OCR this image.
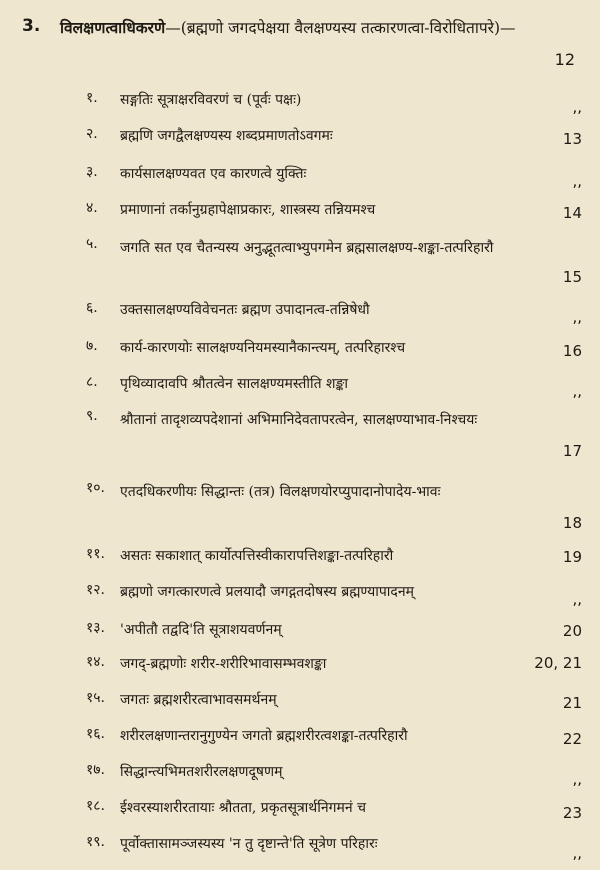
3. विलक्षणत्वाधिकरणे—(ब्रह्मणो जगदपेक्षया वैलक्षण्यस्य तत्कारणत्वा-विरोधितापरे)—
12
१. सङ्गतिः सूत्राक्षरविवरणं च (पूर्वः पक्षः)	,,
२. ब्रह्मणि जगद्वैलक्षण्यस्य शब्दप्रमाणतोऽवगमः	13
३. कार्यसालक्षण्यवत एव कारणत्वे युक्तिः	,,
४. प्रमाणानां तर्कानुग्रहापेक्षाप्रकारः, शास्त्रस्य तन्नियमश्च	14
५. जगति सत एव चैतन्यस्य अनुद्भूतत्वाभ्युपगमेन ब्रह्मसालक्षण्य-शङ्का-तत्परिहारौ
15
६. उक्तसालक्षण्यविवेचनतः ब्रह्मण उपादानत्व-तन्निषेधौ	,,
७. कार्य-कारणयोः सालक्षण्यनियमस्यानैकान्त्यम्, तत्परिहारश्च	16
८. पृथिव्यादावपि श्रौतत्वेन सालक्षण्यमस्तीति शङ्का	,,
९. श्रौतानां तादृशव्यपदेशानां अभिमानिदेवतापरत्वेन, सालक्षण्याभाव-निश्चयः
17
१०. एतदधिकरणीयः सिद्धान्तः (तत्र) विलक्षणयोरप्युपादानोपादेय-भावः
18
११. असतः सकाशात् कार्योत्पत्तिस्वीकारापत्तिशङ्का-तत्परिहारौ	19
१२. ब्रह्मणो जगत्कारणत्वे प्रलयादौ जगद्गतदोषस्य ब्रह्मण्यापादनम्	,,
१३. 'अपीतौ तद्वदि'ति सूत्राशयवर्णनम्	20
१४. जगद्-ब्रह्मणोः शरीर-शरीरिभावासम्भवशङ्का	20, 21
१५. जगतः ब्रह्मशरीरत्वाभावसमर्थनम्	21
१६. शरीरलक्षणान्तरानुगुण्येन जगतो ब्रह्मशरीरत्वशङ्का-तत्परिहारौ	22
१७. सिद्धान्त्यभिमतशरीरलक्षणदूषणम्	,,
१८. ईश्वरस्याशरीरतायाः श्रौतता, प्रकृतसूत्रार्थनिगमनं च	23
१९. पूर्वोक्तासामञ्जस्यस्य 'न तु दृष्टान्ते'ति सूत्रेण परिहारः	,,
